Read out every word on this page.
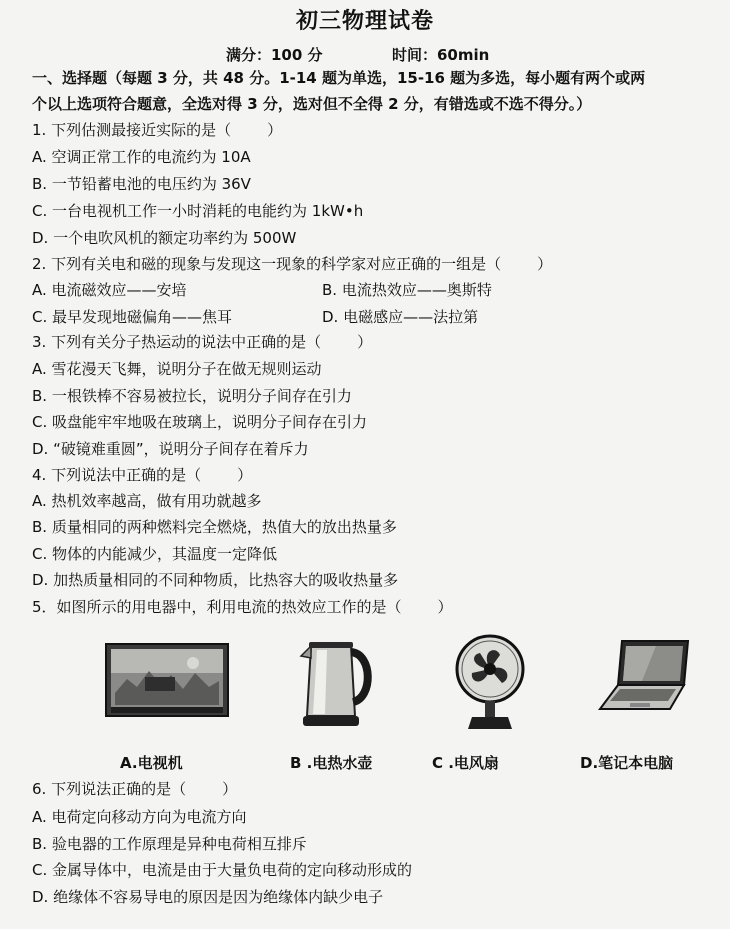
初三物理试卷
满分：100 分	时间：60min
一、选择题（每题 3 分，共 48 分。1-14 题为单选，15-16 题为多选，每小题有两个或两
个以上选项符合题意，全选对得 3 分，选对但不全得 2 分，有错选或不选不得分。）
1. 下列估测最接近实际的是（ ）
A. 空调正常工作的电流约为 10A
B. 一节铅蓄电池的电压约为 36V
C. 一台电视机工作一小时消耗的电能约为 1kW•h
D. 一个电吹风机的额定功率约为 500W
2. 下列有关电和磁的现象与发现这一现象的科学家对应正确的一组是（ ）
A. 电流磁效应——安培	B. 电流热效应——奥斯特
C. 最早发现地磁偏角——焦耳	D. 电磁感应——法拉第
3. 下列有关分子热运动的说法中正确的是（ ）
A. 雪花漫天飞舞，说明分子在做无规则运动
B. 一根铁棒不容易被拉长，说明分子间存在引力
C. 吸盘能牢牢地吸在玻璃上，说明分子间存在引力
D. “破镜难重圆”，说明分子间存在着斥力
4. 下列说法中正确的是（ ）
A. 热机效率越高，做有用功就越多
B. 质量相同的两种燃料完全燃烧，热值大的放出热量多
C. 物体的内能减少，其温度一定降低
D. 加热质量相同的不同种物质，比热容大的吸收热量多
5．如图所示的用电器中，利用电流的热效应工作的是（ ）
A.电视机	B .电热水壶	C .电风扇	D.笔记本电脑
6. 下列说法正确的是（ ）
A. 电荷定向移动方向为电流方向
B. 验电器的工作原理是异种电荷相互排斥
C. 金属导体中，电流是由于大量负电荷的定向移动形成的
D. 绝缘体不容易导电的原因是因为绝缘体内缺少电子
